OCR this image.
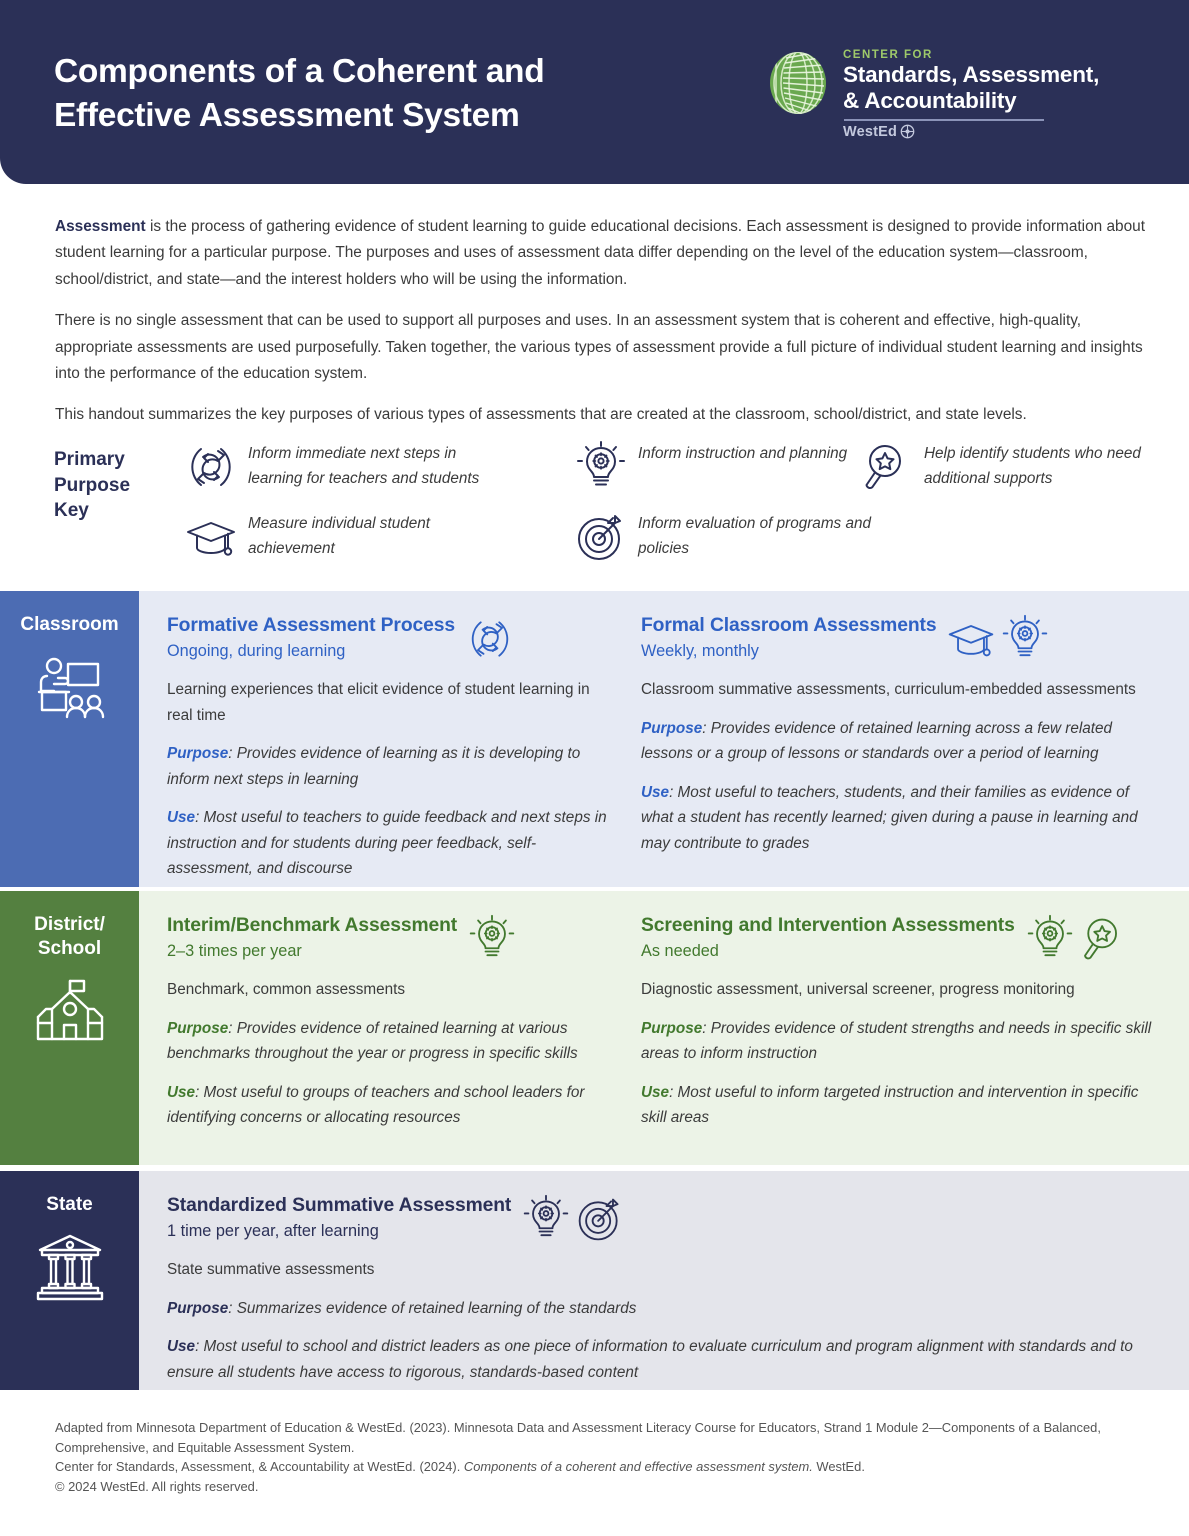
Components of a Coherent and
Effective Assessment System
CENTER FOR
Standards, Assessment,
& Accountability
WestEd

Assessment is the process of gathering evidence of student learning to guide educational decisions. Each assessment is designed to provide information about student learning for a particular purpose. The purposes and uses of assessment data differ depending on the level of the education system—classroom, school/district, and state—and the interest holders who will be using the information.

There is no single assessment that can be used to support all purposes and uses. In an assessment system that is coherent and effective, high-quality, appropriate assessments are used purposefully. Taken together, the various types of assessment provide a full picture of individual student learning and insights into the performance of the education system.

This handout summarizes the key purposes of various types of assessments that are created at the classroom, school/district, and state levels.

Primary
Purpose
Key
Inform immediate next steps in learning for teachers and students
Measure individual student achievement
Inform instruction and planning
Inform evaluation of programs and policies
Help identify students who need additional supports
Classroom	Formative Assessment Process
Ongoing, during learning
Learning experiences that elicit evidence of student learning in real time
Purpose: Provides evidence of learning as it is developing to inform next steps in learning
Use: Most useful to teachers to guide feedback and next steps in instruction and for students during peer feedback, self-assessment, and discourse
Formal Classroom Assessments
Weekly, monthly
Classroom summative assessments, curriculum-embedded assessments
Purpose: Provides evidence of retained learning across a few related lessons or a group of lessons or standards over a period of learning
Use: Most useful to teachers, students, and their families as evidence of what a student has recently learned; given during a pause in learning and may contribute to grades
District/
School
Interim/Benchmark Assessment
2–3 times per year
Benchmark, common assessments
Purpose: Provides evidence of retained learning at various benchmarks throughout the year or progress in specific skills
Use: Most useful to groups of teachers and school leaders for identifying concerns or allocating resources
Screening and Intervention Assessments
As needed
Diagnostic assessment, universal screener, progress monitoring
Purpose: Provides evidence of student strengths and needs in specific skill areas to inform instruction
Use: Most useful to inform targeted instruction and intervention in specific skill areas
State	Standardized Summative Assessment
1 time per year, after learning
State summative assessments
Purpose: Summarizes evidence of retained learning of the standards
Use: Most useful to school and district leaders as one piece of information to evaluate curriculum and program alignment with standards and to ensure all students have access to rigorous, standards-based content

Adapted from Minnesota Department of Education & WestEd. (2023). Minnesota Data and Assessment Literacy Course for Educators, Strand 1 Module 2—Components of a Balanced, Comprehensive, and Equitable Assessment System.

Center for Standards, Assessment, & Accountability at WestEd. (2024). Components of a coherent and effective assessment system. WestEd.

© 2024 WestEd. All rights reserved.
